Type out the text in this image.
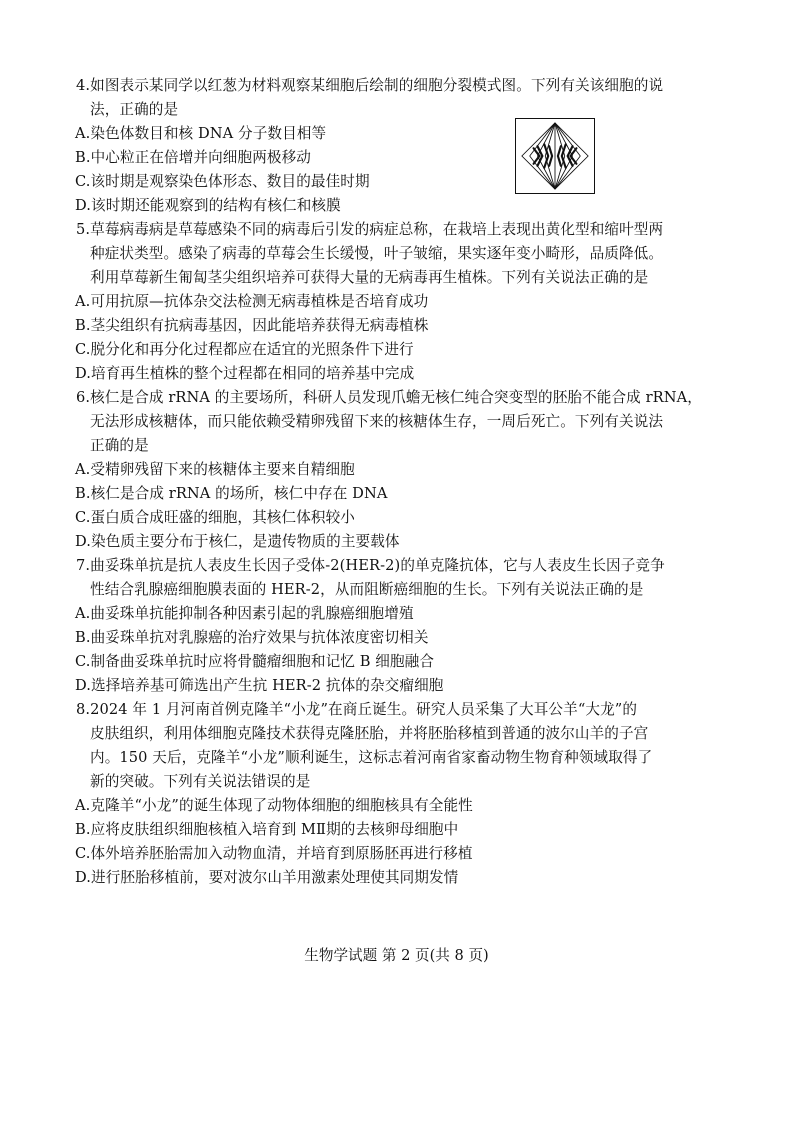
4.如图表示某同学以红葱为材料观察某细胞后绘制的细胞分裂模式图。下列有关该细胞的说
法，正确的是
A.染色体数目和核 DNA 分子数目相等
B.中心粒正在倍增并向细胞两极移动
C.该时期是观察染色体形态、数目的最佳时期
D.该时期还能观察到的结构有核仁和核膜
5.草莓病毒病是草莓感染不同的病毒后引发的病症总称，在栽培上表现出黄化型和缩叶型两
种症状类型。感染了病毒的草莓会生长缓慢，叶子皱缩，果实逐年变小畸形，品质降低。
利用草莓新生匍匐茎尖组织培养可获得大量的无病毒再生植株。下列有关说法正确的是
A.可用抗原—抗体杂交法检测无病毒植株是否培育成功
B.茎尖组织有抗病毒基因，因此能培养获得无病毒植株
C.脱分化和再分化过程都应在适宜的光照条件下进行
D.培育再生植株的整个过程都在相同的培养基中完成
6.核仁是合成 rRNA 的主要场所，科研人员发现爪蟾无核仁纯合突变型的胚胎不能合成 rRNA，
无法形成核糖体，而只能依赖受精卵残留下来的核糖体生存，一周后死亡。下列有关说法
正确的是
A.受精卵残留下来的核糖体主要来自精细胞
B.核仁是合成 rRNA 的场所，核仁中存在 DNA
C.蛋白质合成旺盛的细胞，其核仁体积较小
D.染色质主要分布于核仁，是遗传物质的主要载体
7.曲妥珠单抗是抗人表皮生长因子受体-2(HER-2)的单克隆抗体，它与人表皮生长因子竞争
性结合乳腺癌细胞膜表面的 HER-2，从而阻断癌细胞的生长。下列有关说法正确的是
A.曲妥珠单抗能抑制各种因素引起的乳腺癌细胞增殖
B.曲妥珠单抗对乳腺癌的治疗效果与抗体浓度密切相关
C.制备曲妥珠单抗时应将骨髓瘤细胞和记忆 B 细胞融合
D.选择培养基可筛选出产生抗 HER-2 抗体的杂交瘤细胞
8.2024 年 1 月河南首例克隆羊“小龙”在商丘诞生。研究人员采集了大耳公羊“大龙”的
皮肤组织，利用体细胞克隆技术获得克隆胚胎，并将胚胎移植到普通的波尔山羊的子宫
内。150 天后，克隆羊“小龙”顺利诞生，这标志着河南省家畜动物生物育种领域取得了
新的突破。下列有关说法错误的是
A.克隆羊“小龙”的诞生体现了动物体细胞的细胞核具有全能性
B.应将皮肤组织细胞核植入培育到 MⅡ期的去核卵母细胞中
C.体外培养胚胎需加入动物血清，并培育到原肠胚再进行移植
D.进行胚胎移植前，要对波尔山羊用激素处理使其同期发情
生物学试题 第 2 页(共 8 页)
